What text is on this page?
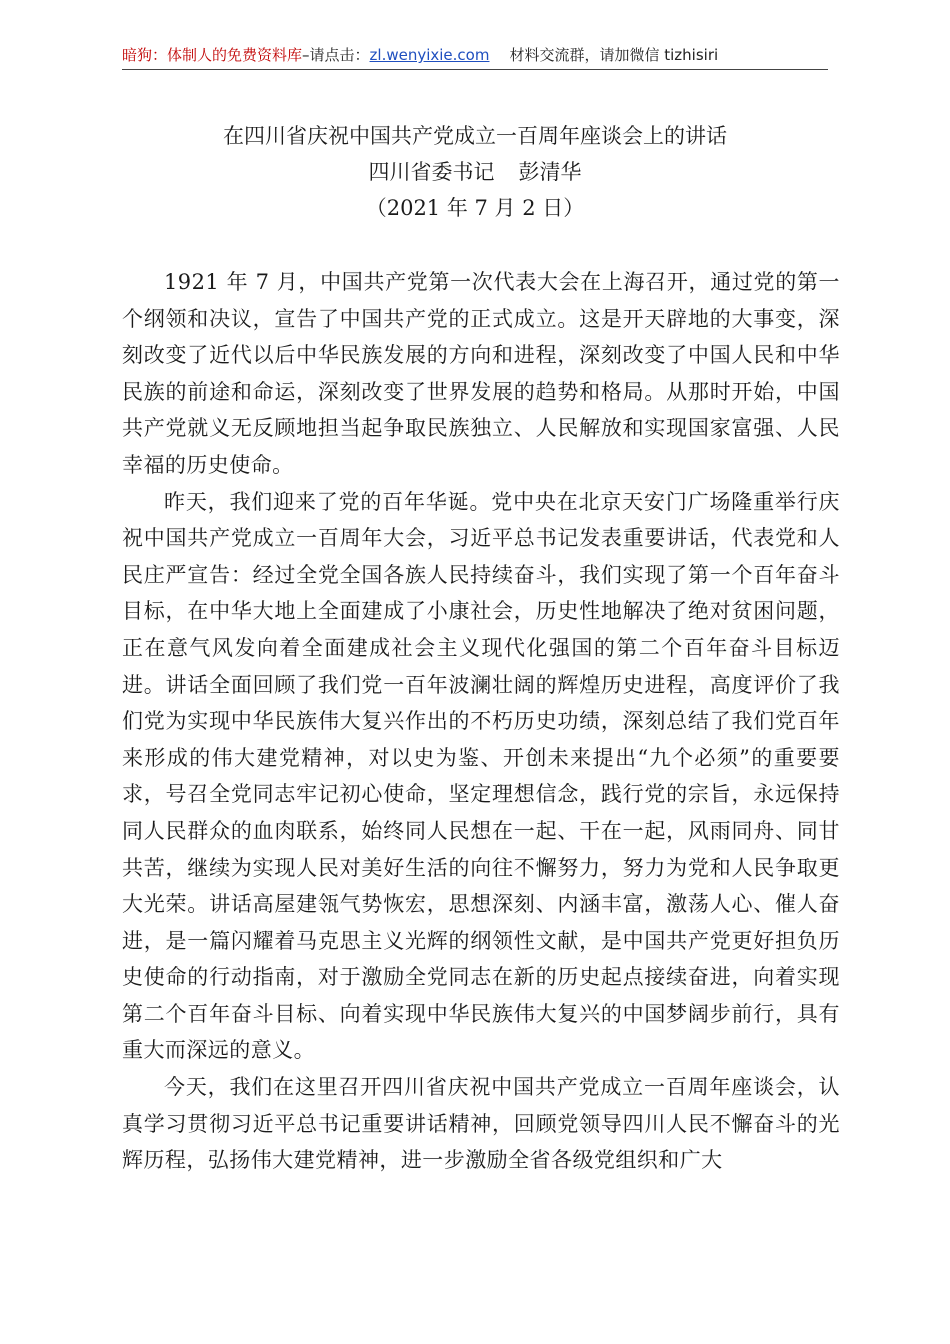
暗狗：体制人的免费资料库–请点击：zl.wenyixie.com 材料交流群，请加微信 tizhisiri
在四川省庆祝中国共产党成立一百周年座谈会上的讲话
四川省委书记 彭清华
（2021 年 7 月 2 日）

1921 年 7 月，中国共产党第一次代表大会在上海召开，通过党的第一个纲领和决议，宣告了中国共产党的正式成立。这是开天辟地的大事变，深刻改变了近代以后中华民族发展的方向和进程，深刻改变了中国人民和中华民族的前途和命运，深刻改变了世界发展的趋势和格局。从那时开始，中国共产党就义无反顾地担当起争取民族独立、人民解放和实现国家富强、人民幸福的历史使命。

昨天，我们迎来了党的百年华诞。党中央在北京天安门广场隆重举行庆祝中国共产党成立一百周年大会，习近平总书记发表重要讲话，代表党和人民庄严宣告：经过全党全国各族人民持续奋斗，我们实现了第一个百年奋斗目标，在中华大地上全面建成了小康社会，历史性地解决了绝对贫困问题，正在意气风发向着全面建成社会主义现代化强国的第二个百年奋斗目标迈进。讲话全面回顾了我们党一百年波澜壮阔的辉煌历史进程，高度评价了我们党为实现中华民族伟大复兴作出的不朽历史功绩，深刻总结了我们党百年来形成的伟大建党精神，对以史为鉴、开创未来提出“九个必须”的重要要求，号召全党同志牢记初心使命，坚定理想信念，践行党的宗旨，永远保持同人民群众的血肉联系，始终同人民想在一起、干在一起，风雨同舟、同甘共苦，继续为实现人民对美好生活的向往不懈努力，努力为党和人民争取更大光荣。讲话高屋建瓴气势恢宏，思想深刻、内涵丰富，激荡人心、催人奋进，是一篇闪耀着马克思主义光辉的纲领性文献，是中国共产党更好担负历史使命的行动指南，对于激励全党同志在新的历史起点接续奋进，向着实现第二个百年奋斗目标、向着实现中华民族伟大复兴的中国梦阔步前行，具有重大而深远的意义。

今天，我们在这里召开四川省庆祝中国共产党成立一百周年座谈会，认真学习贯彻习近平总书记重要讲话精神，回顾党领导四川人民不懈奋斗的光辉历程，弘扬伟大建党精神，进一步激励全省各级党组织和广大
